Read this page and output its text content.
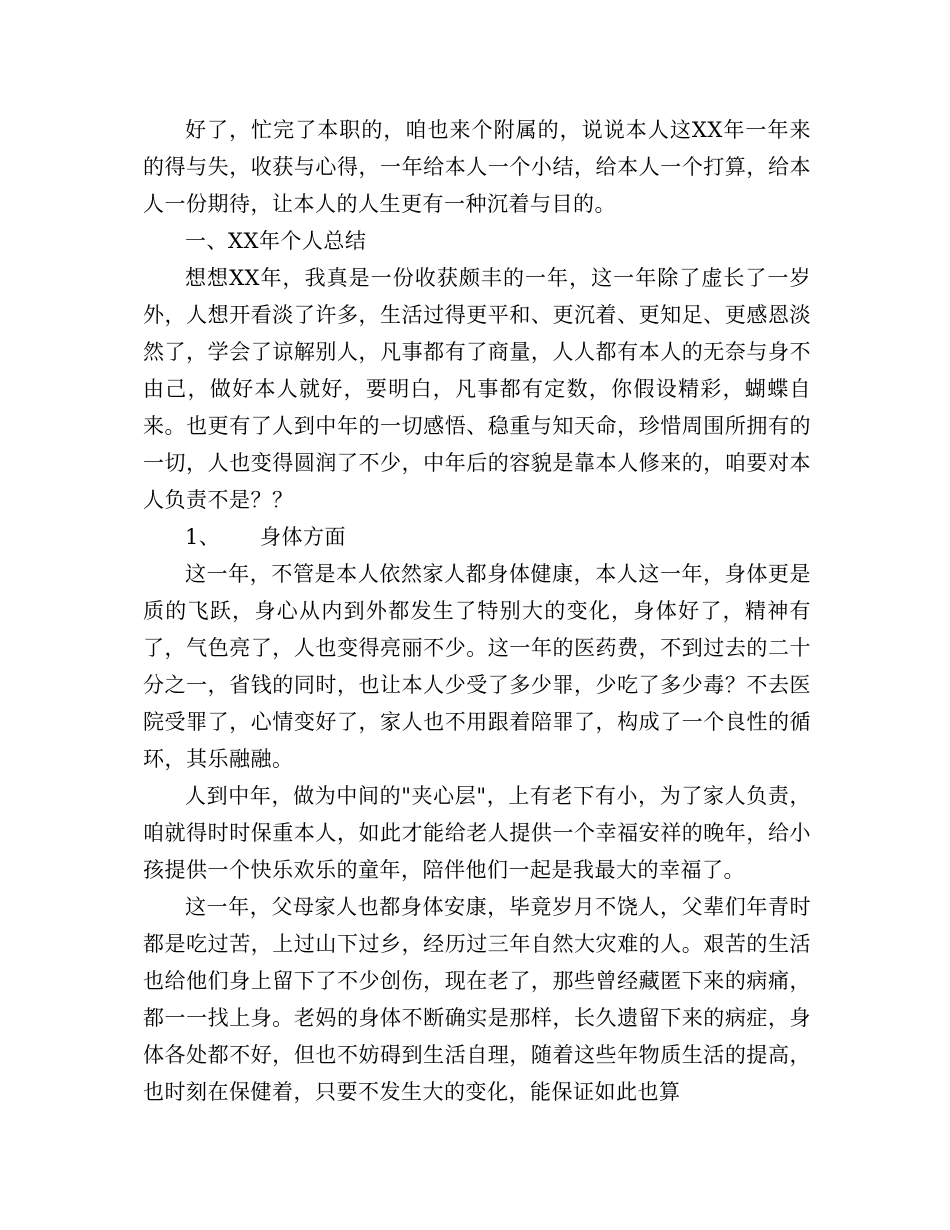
好了，忙完了本职的，咱也来个附属的，说说本人这XX年一年来的得与失，收获与心得，一年给本人一个小结，给本人一个打算，给本人一份期待，让本人的人生更有一种沉着与目的。

一、XX年个人总结

想想XX年，我真是一份收获颇丰的一年，这一年除了虚长了一岁外，人想开看淡了许多，生活过得更平和、更沉着、更知足、更感恩淡然了，学会了谅解别人，凡事都有了商量，人人都有本人的无奈与身不由己，做好本人就好，要明白，凡事都有定数，你假设精彩，蝴蝶自来。也更有了人到中年的一切感悟、稳重与知天命，珍惜周围所拥有的一切，人也变得圆润了不少，中年后的容貌是靠本人修来的，咱要对本人负责不是？？

1、 身体方面

这一年，不管是本人依然家人都身体健康，本人这一年，身体更是质的飞跃，身心从内到外都发生了特别大的变化，身体好了，精神有了，气色亮了，人也变得亮丽不少。这一年的医药费，不到过去的二十分之一，省钱的同时，也让本人少受了多少罪，少吃了多少毒？不去医院受罪了，心情变好了，家人也不用跟着陪罪了，构成了一个良性的循环，其乐融融。

人到中年，做为中间的"夹心层"，上有老下有小，为了家人负责，咱就得时时保重本人，如此才能给老人提供一个幸福安祥的晚年，给小孩提供一个快乐欢乐的童年，陪伴他们一起是我最大的幸福了。

这一年，父母家人也都身体安康，毕竟岁月不饶人，父辈们年青时都是吃过苦，上过山下过乡，经历过三年自然大灾难的人。艰苦的生活也给他们身上留下了不少创伤，现在老了，那些曾经藏匿下来的病痛，都一一找上身。老妈的身体不断确实是那样，长久遗留下来的病症，身体各处都不好，但也不妨碍到生活自理，随着这些年物质生活的提高，也时刻在保健着，只要不发生大的变化，能保证如此也算
